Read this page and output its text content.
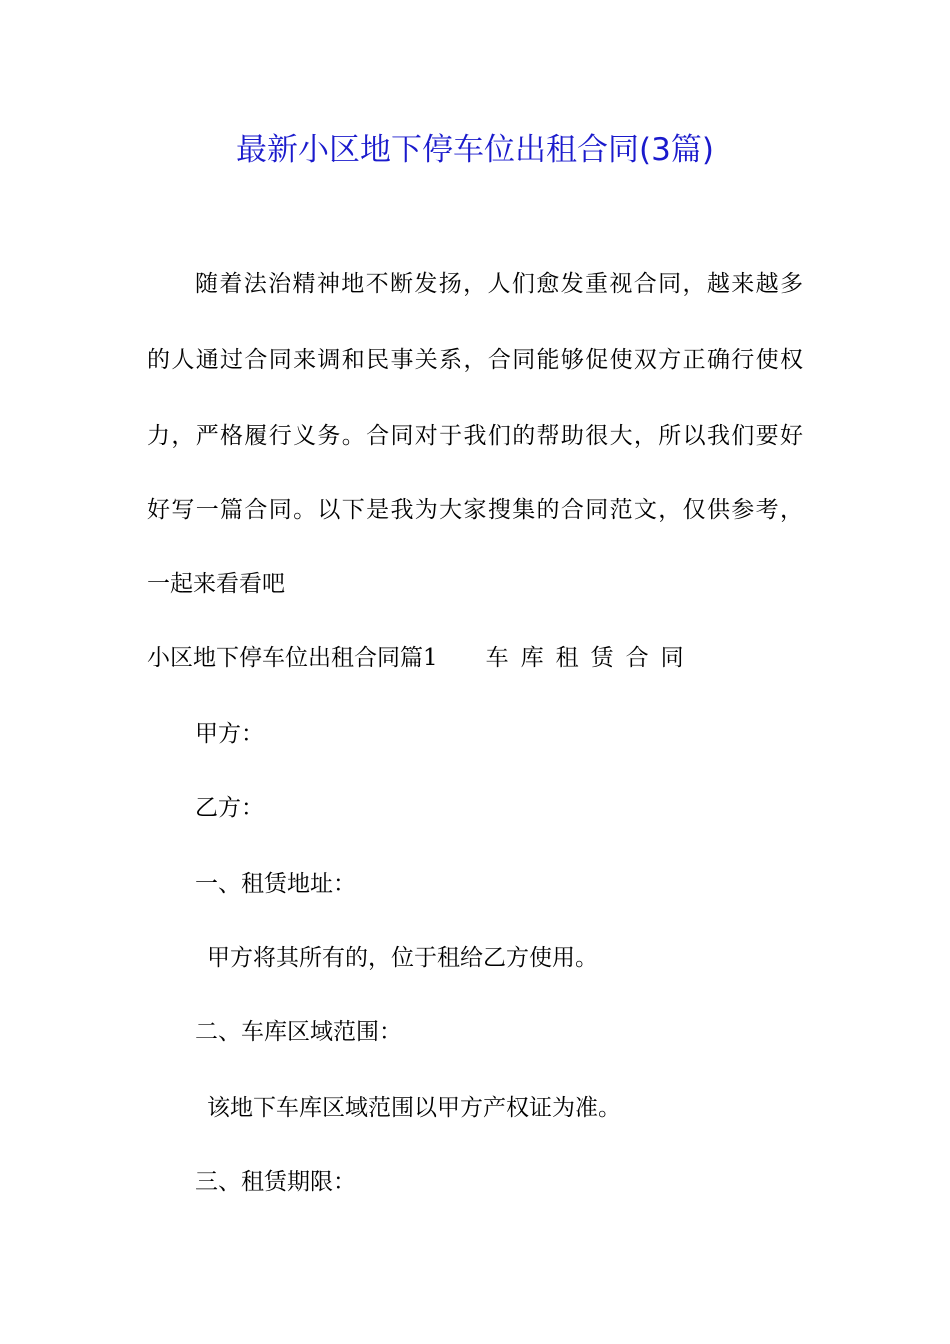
最新小区地下停车位出租合同(3篇)
随着法治精神地不断发扬，人们愈发重视合同，越来越多
的人通过合同来调和民事关系，合同能够促使双方正确行使权
力，严格履行义务。合同对于我们的帮助很大，所以我们要好
好写一篇合同。以下是我为大家搜集的合同范文，仅供参考，
一起来看看吧
小区地下停车位出租合同篇1 车库租赁合同
甲方：
乙方：
一、租赁地址：
甲方将其所有的，位于租给乙方使用。
二、车库区域范围：
该地下车库区域范围以甲方产权证为准。
三、租赁期限：
